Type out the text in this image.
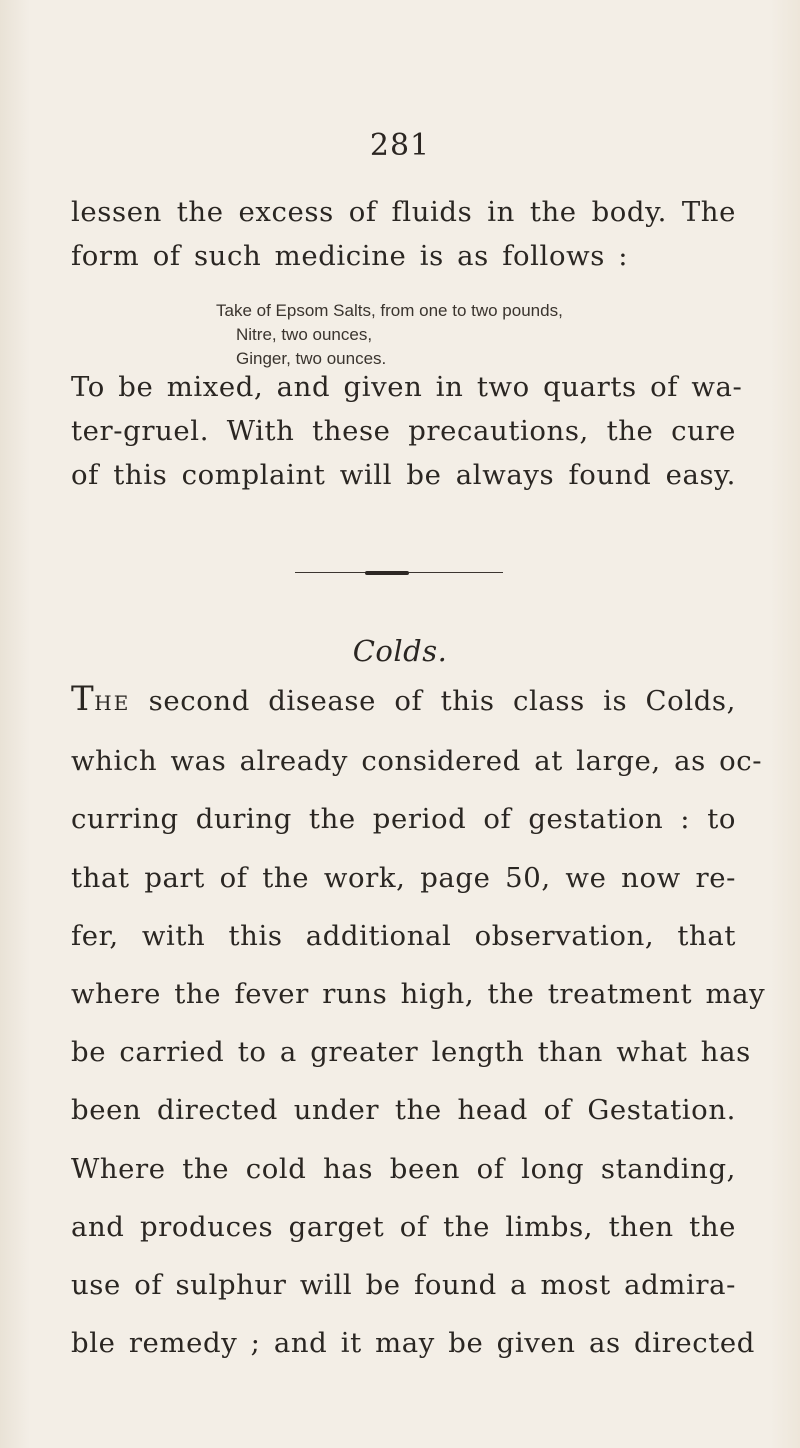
281
lessen the excess of fluids in the body. The
form of such medicine is as follows :
Take of Epsom Salts, from one to two pounds,
Nitre, two ounces,
Ginger, two ounces.
To be mixed, and given in two quarts of wa-
ter-gruel. With these precautions, the cure
of this complaint will be always found easy.
Colds.
THE second disease of this class is Colds,
which was already considered at large, as oc-
curring during the period of gestation : to
that part of the work, page 50, we now re-
fer, with this additional observation, that
where the fever runs high, the treatment may
be carried to a greater length than what has
been directed under the head of Gestation.
Where the cold has been of long standing,
and produces garget of the limbs, then the
use of sulphur will be found a most admira-
ble remedy ; and it may be given as directed
